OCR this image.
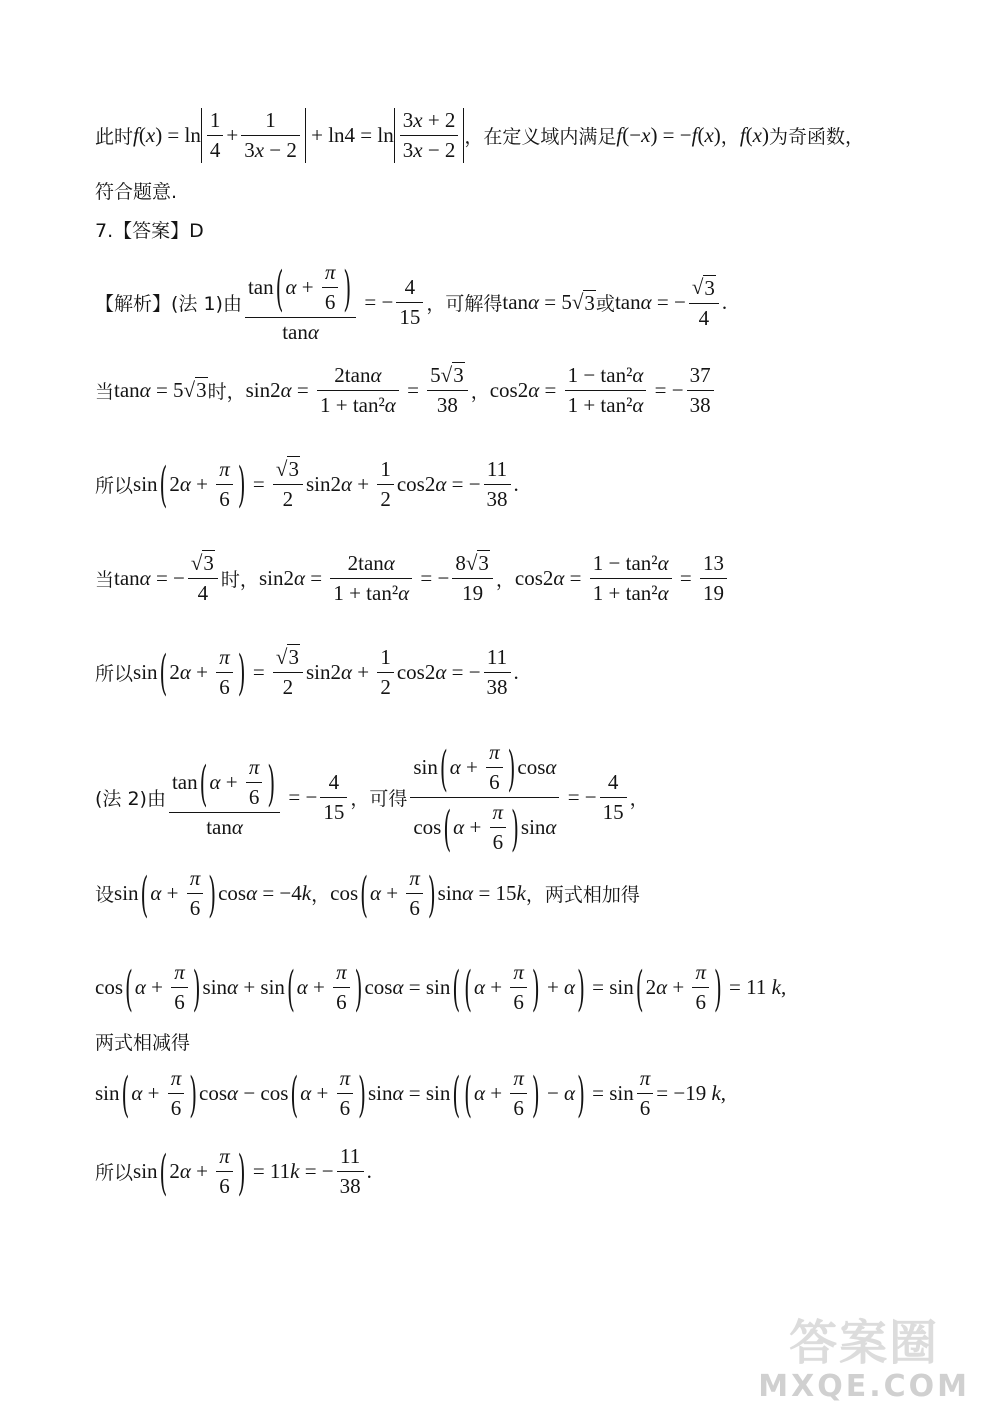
此时 $f(x) = \ln \frac{1}{4} + \frac{1}{3 x - 2} + \ln 4 = \ln \frac{3 x + 2}{3 x - 2}$ ，在定义域内满足 f(−x) = −f(x) ， f(x) 为奇函数，
符合题意.
7.【答案】D
【解析】(法 1)由 $\frac{\tan ( \alpha + \frac{\pi}{6} )}{\text{tan α}}$ = − $\frac{4}{15}$ ，可解得 tanα = 5 √ 3 或 tanα = − $\frac{√ 3}{4}$ .
当 tanα = 5 √ 3 时， $\sin 2\alpha = \frac{\text{2tan α}}{\text{1 + tan² α}} = \frac{5 √ 3}{38}$ ， $\cos 2\alpha = \frac{\text{1 − tan² α}}{\text{1 + tan² α}}$ = − $\frac{37}{38}$
所以 sin ( $2\alpha + \frac{\pi}{6}$ ) = $\frac{√ 3}{2} \sin 2\alpha + \frac{1}{2} \cos 2\alpha$ = − $\frac{11}{38}$ .
当 tanα = − $\frac{√ 3}{4}$ 时， $\sin 2\alpha = \frac{\text{2tan α}}{\text{1 + tan² α}}$ = − $\frac{8 √ 3}{19}$ ， $\cos 2\alpha = \frac{\text{1 − tan² α}}{\text{1 + tan² α}} = \frac{13}{19}$
所以 sin ( $2\alpha + \frac{\pi}{6}$ ) = $\frac{√ 3}{2} \sin 2\alpha + \frac{1}{2} \cos 2\alpha$ = − $\frac{11}{38}$ .
(法 2)由 $\frac{\tan ( \alpha + \frac{\pi}{6} )}{\text{tan α}}$ = − $\frac{4}{15}$ ，可得 $\frac{\sin ( \alpha + \frac{\pi}{6} ) \cos \alpha}{\cos ( \alpha + \frac{\pi}{6} ) \sin \alpha}$ = − $\frac{4}{15}$ ，
设 sin ( $\alpha + \frac{\pi}{6}$ ) cosα = −4k ， cos ( $\alpha + \frac{\pi}{6}$ ) sinα = 15k ，两式相加得
cos ( $\alpha + \frac{\pi}{6}$ ) sinα + sin ( $\alpha + \frac{\pi}{6}$ ) cosα = sin ( ( $\alpha + \frac{\pi}{6}$ ) + α ) = sin ( $2\alpha + \frac{\pi}{6}$ ) = 11 k,
两式相减得
sin ( $\alpha + \frac{\pi}{6}$ ) cosα − cos ( $\alpha + \frac{\pi}{6}$ ) sinα = sin ( ( $\alpha + \frac{\pi}{6}$ ) − α ) = $\sin \frac{\pi}{6} = -19$ k,
所以 sin ( $2\alpha + \frac{\pi}{6}$ ) = 11k = − $\frac{11}{38}$ .
答案圈
MXQE.COM
